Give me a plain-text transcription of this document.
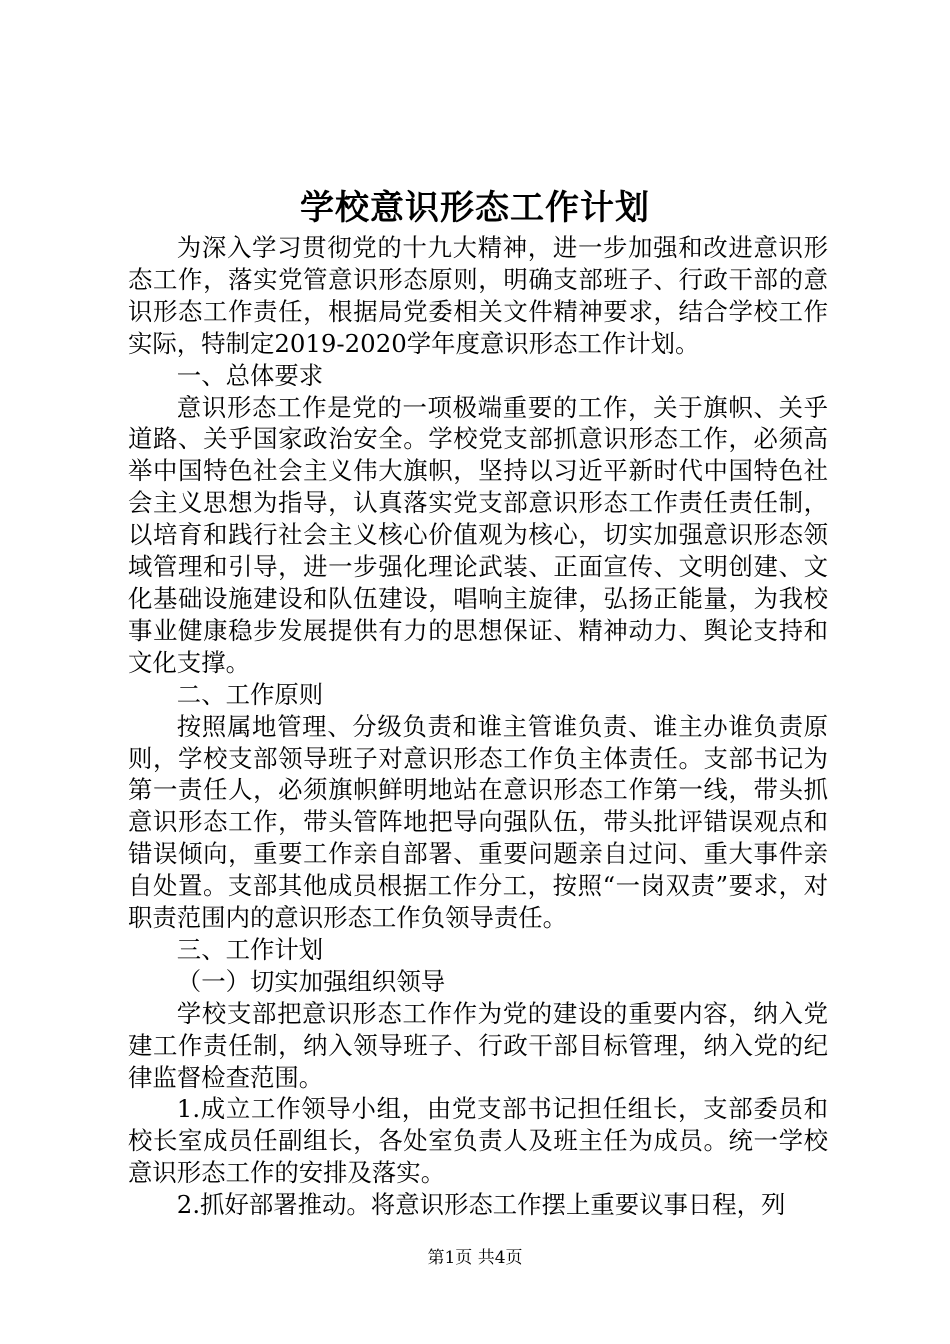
学校意识形态工作计划

为深入学习贯彻党的十九大精神，进一步加强和改进意识形态工作，落实党管意识形态原则，明确支部班子、行政干部的意识形态工作责任，根据局党委相关文件精神要求，结合学校工作实际，特制定2019-2020学年度意识形态工作计划。

一、总体要求

意识形态工作是党的一项极端重要的工作，关于旗帜、关乎道路、关乎国家政治安全。学校党支部抓意识形态工作，必须高举中国特色社会主义伟大旗帜，坚持以习近平新时代中国特色社会主义思想为指导，认真落实党支部意识形态工作责任责任制，以培育和践行社会主义核心价值观为核心，切实加强意识形态领域管理和引导，进一步强化理论武装、正面宣传、文明创建、文化基础设施建设和队伍建设，唱响主旋律，弘扬正能量，为我校事业健康稳步发展提供有力的思想保证、精神动力、舆论支持和文化支撑。

二、工作原则

按照属地管理、分级负责和谁主管谁负责、谁主办谁负责原则，学校支部领导班子对意识形态工作负主体责任。支部书记为第一责任人，必须旗帜鲜明地站在意识形态工作第一线，带头抓意识形态工作，带头管阵地把导向强队伍，带头批评错误观点和错误倾向，重要工作亲自部署、重要问题亲自过问、重大事件亲自处置。支部其他成员根据工作分工，按照“一岗双责”要求，对职责范围内的意识形态工作负领导责任。

三、工作计划

（一）切实加强组织领导

学校支部把意识形态工作作为党的建设的重要内容，纳入党建工作责任制，纳入领导班子、行政干部目标管理，纳入党的纪律监督检查范围。

1.成立工作领导小组，由党支部书记担任组长，支部委员和校长室成员任副组长，各处室负责人及班主任为成员。统一学校意识形态工作的安排及落实。

2.抓好部署推动。将意识形态工作摆上重要议事日程，列

第1页 共4页
